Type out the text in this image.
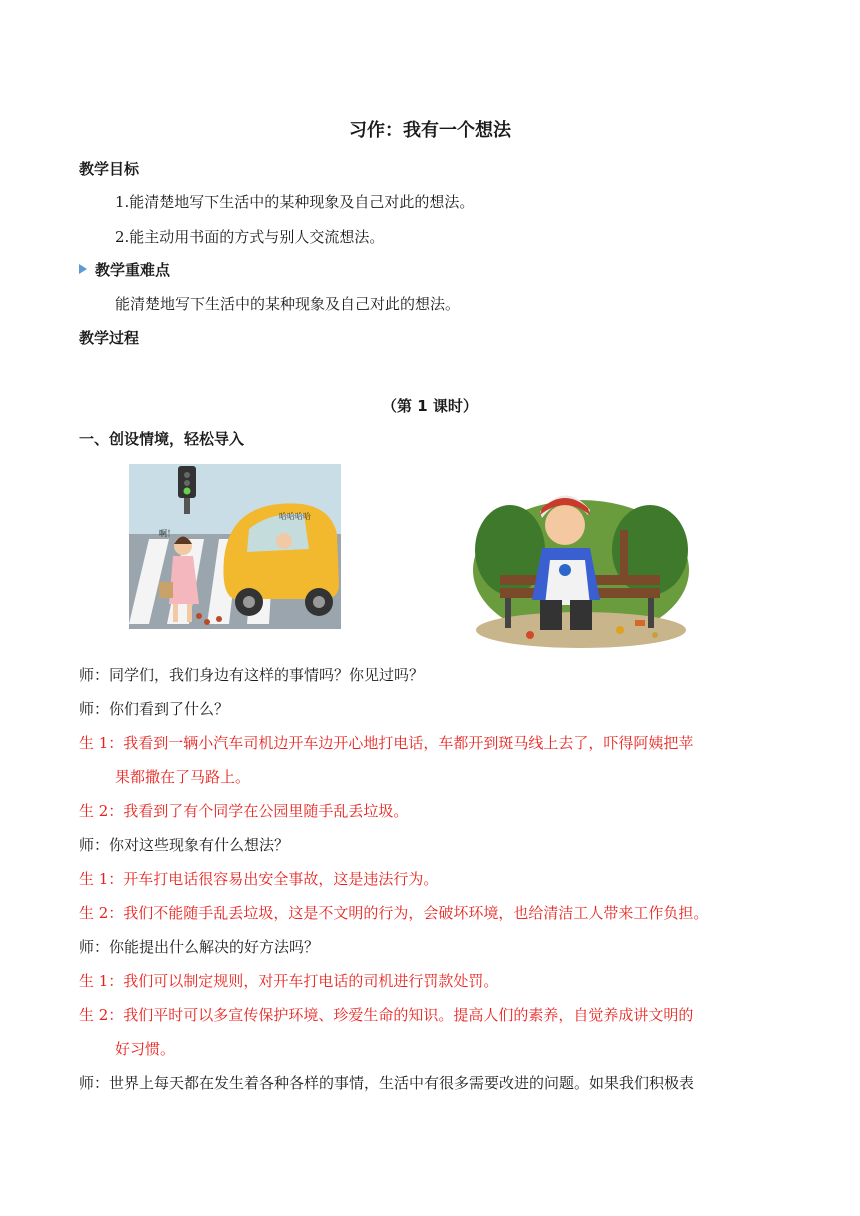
习作：我有一个想法
教学目标
1.能清楚地写下生活中的某种现象及自己对此的想法。
2.能主动用书面的方式与别人交流想法。
教学重难点
能清楚地写下生活中的某种现象及自己对此的想法。
教学过程
（第 1 课时）
一、创设情境，轻松导入
哈哈哈哈
啊！
师：同学们，我们身边有这样的事情吗？你见过吗？
师：你们看到了什么？
生 1：我看到一辆小汽车司机边开车边开心地打电话，车都开到斑马线上去了，吓得阿姨把苹
果都撒在了马路上。
生 2：我看到了有个同学在公园里随手乱丢垃圾。
师：你对这些现象有什么想法？
生 1：开车打电话很容易出安全事故，这是违法行为。
生 2：我们不能随手乱丢垃圾，这是不文明的行为，会破坏环境，也给清洁工人带来工作负担。
师：你能提出什么解决的好方法吗？
生 1：我们可以制定规则，对开车打电话的司机进行罚款处罚。
生 2：我们平时可以多宣传保护环境、珍爱生命的知识。提高人们的素养，自觉养成讲文明的
好习惯。
师：世界上每天都在发生着各种各样的事情，生活中有很多需要改进的问题。如果我们积极表
